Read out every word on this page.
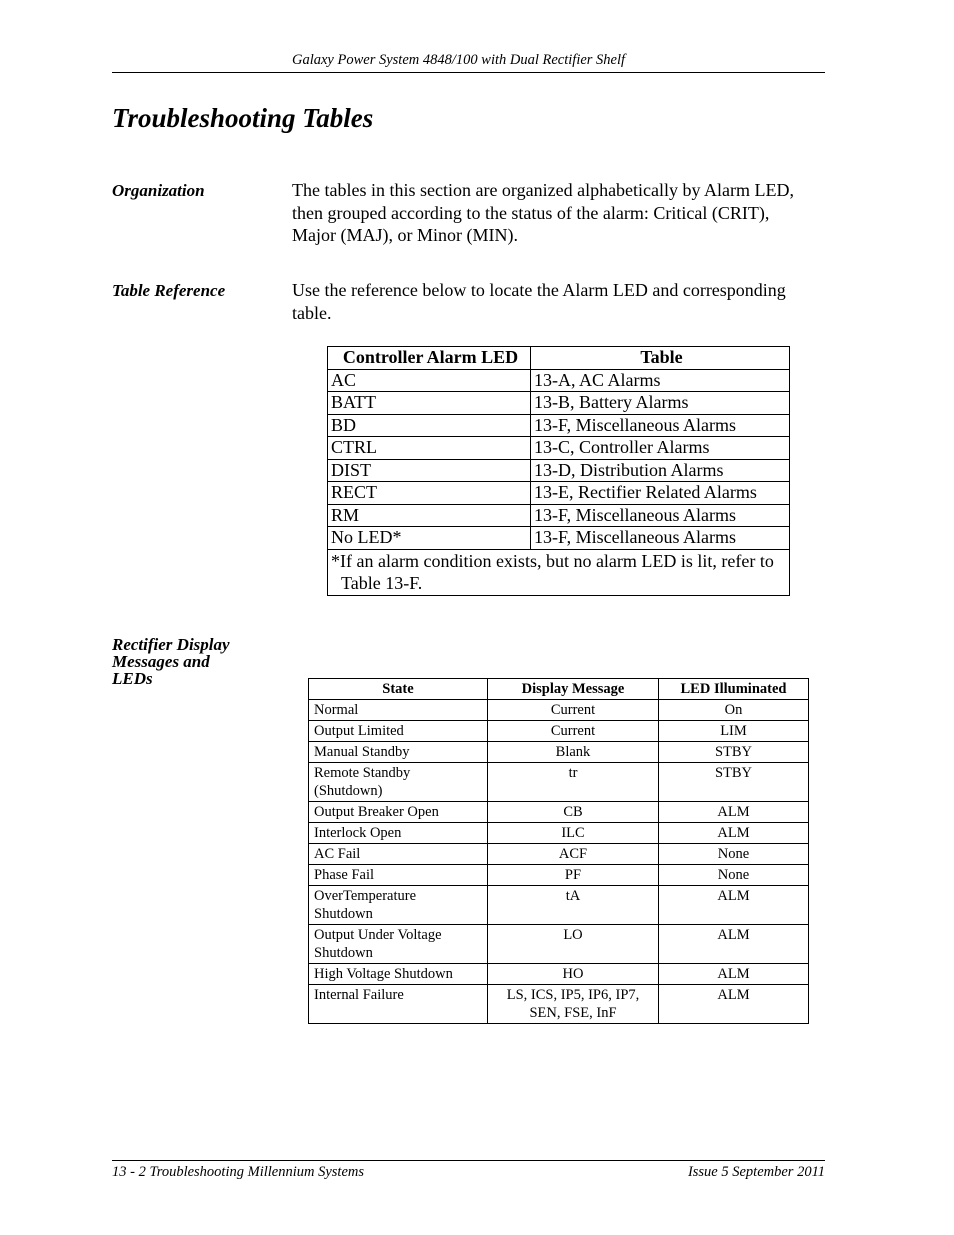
Galaxy Power System 4848/100 with Dual Rectifier Shelf
Troubleshooting Tables
Organization	The tables in this section are organized alphabetically by Alarm LED,
then grouped according to the status of the alarm: Critical (CRIT),
Major (MAJ), or Minor (MIN).
Table Reference	Use the reference below to locate the Alarm LED and corresponding
table.
Controller Alarm LED	Table
AC	13-A, AC Alarms
BATT	13-B, Battery Alarms
BD	13-F, Miscellaneous Alarms
CTRL	13-C, Controller Alarms
DIST	13-D, Distribution Alarms
RECT	13-E, Rectifier Related Alarms
RM	13-F, Miscellaneous Alarms
No LED*	13-F, Miscellaneous Alarms

*If an alarm condition exists, but no alarm LED is lit, refer to
Table 13-F.	
Rectifier Display
Messages and
LEDs
State	Display Message	LED Illuminated

Normal	Current	On

Output Limited	Current	LIM

Manual Standby	Blank	STBY

Remote Standby
(Shutdown)	tr	STBY

Output Breaker Open	CB	ALM

Interlock Open	ILC	ALM

AC Fail	ACF	None

Phase Fail	PF	None

OverTemperature
Shutdown	tA	ALM

Output Under Voltage
Shutdown	LO	ALM

High Voltage Shutdown	HO	ALM

Internal Failure	LS, ICS, IP5, IP6, IP7,
SEN, FSE, InF	ALM
13 - 2 Troubleshooting Millennium Systems	Issue 5 September 2011
